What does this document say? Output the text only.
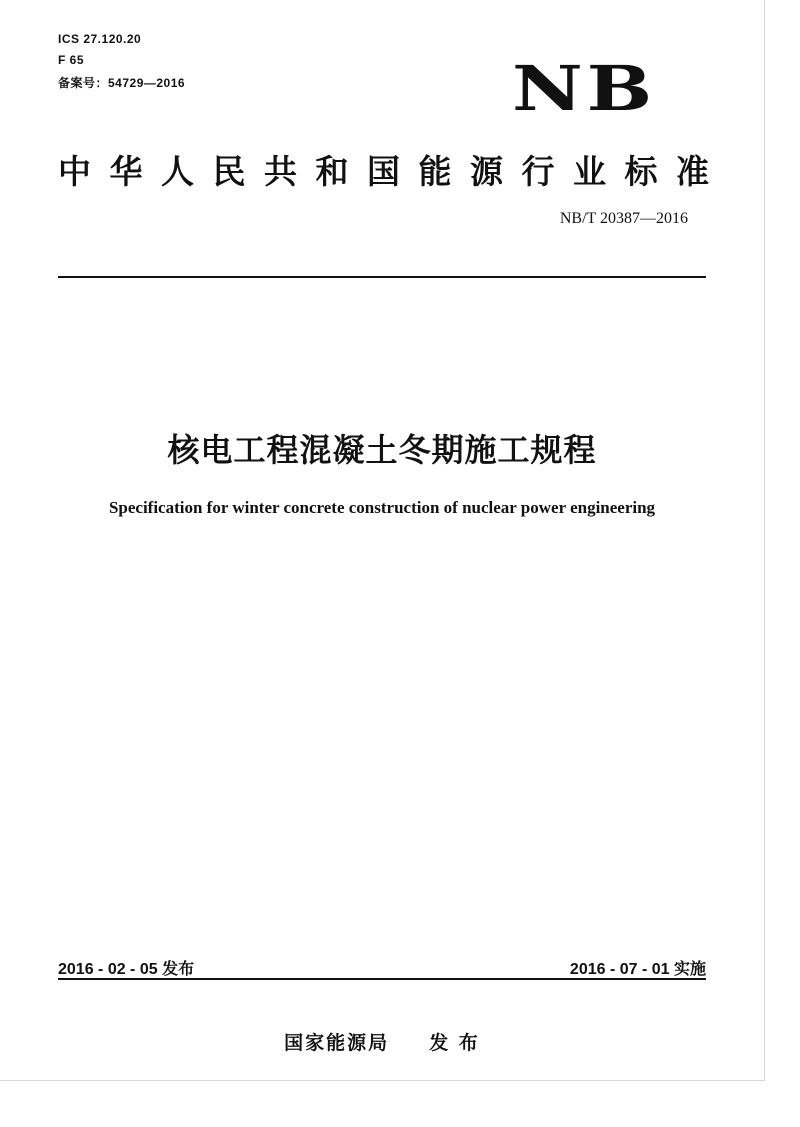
ICS 27.120.20
F 65
备案号：54729—2016	NB
中华人民共和国能源行业标准
NB/T 20387—2016
核电工程混凝土冬期施工规程
Specification for winter concrete construction of nuclear power engineering
2016 - 02 - 05 发布	2016 - 07 - 01 实施
国家能源局 发 布
